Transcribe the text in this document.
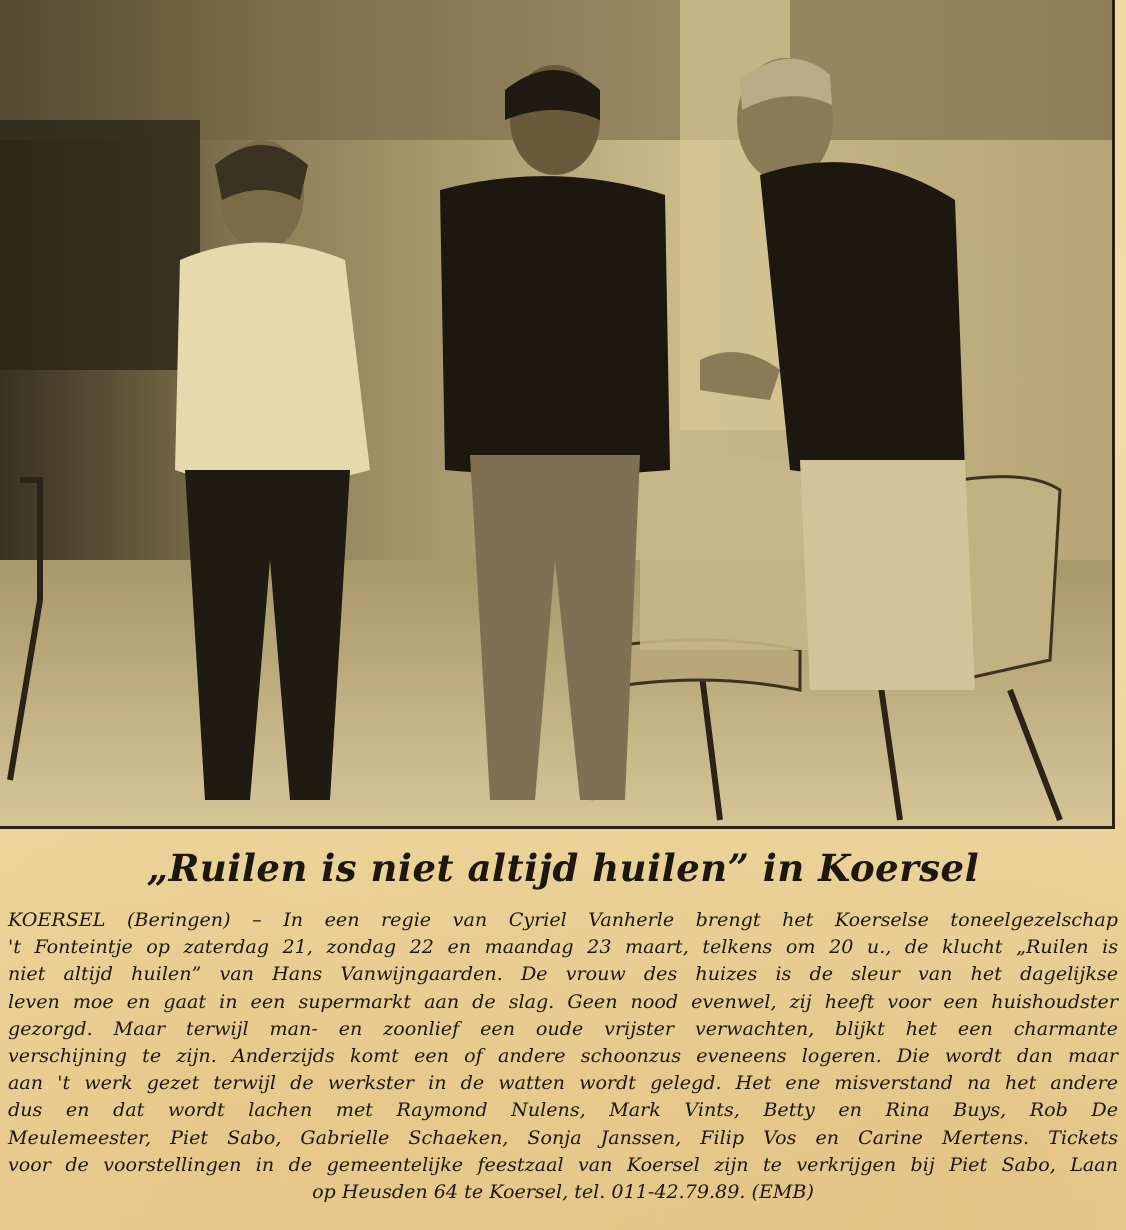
„Ruilen is niet altijd huilen” in Koersel
KOERSEL (Beringen) – In een regie van Cyriel Vanherle brengt het Koerselse toneelgezelschap
't Fonteintje op zaterdag 21, zondag 22 en maandag 23 maart, telkens om 20 u., de klucht „Ruilen is
niet altijd huilen” van Hans Vanwijngaarden. De vrouw des huizes is de sleur van het dagelijkse
leven moe en gaat in een supermarkt aan de slag. Geen nood evenwel, zij heeft voor een huishoudster
gezorgd. Maar terwijl man- en zoonlief een oude vrijster verwachten, blijkt het een charmante
verschijning te zijn. Anderzijds komt een of andere schoonzus eveneens logeren. Die wordt dan maar
aan 't werk gezet terwijl de werkster in de watten wordt gelegd. Het ene misverstand na het andere
dus en dat wordt lachen met Raymond Nulens, Mark Vints, Betty en Rina Buys, Rob De
Meulemeester, Piet Sabo, Gabrielle Schaeken, Sonja Janssen, Filip Vos en Carine Mertens. Tickets
voor de voorstellingen in de gemeentelijke feestzaal van Koersel zijn te verkrijgen bij Piet Sabo, Laan
op Heusden 64 te Koersel, tel. 011-42.79.89. (EMB)
